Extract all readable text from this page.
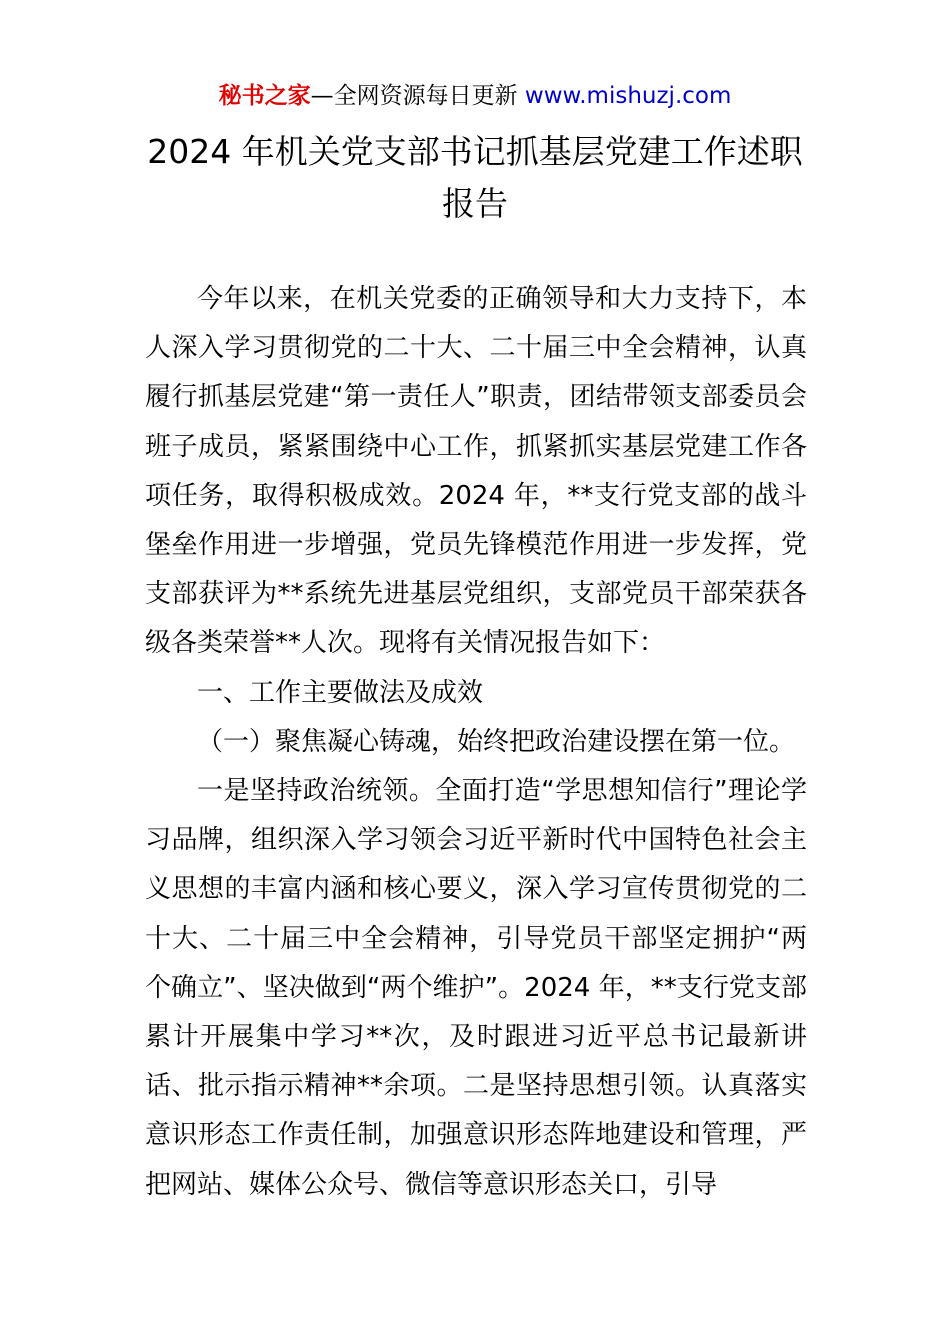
秘书之家—全网资源每日更新 www.mishuzj.com
2024 年机关党支部书记抓基层党建工作述职
报告

今年以来，在机关党委的正确领导和大力支持下，本人深入学习贯彻党的二十大、二十届三中全会精神，认真履行抓基层党建“第一责任人”职责，团结带领支部委员会班子成员，紧紧围绕中心工作，抓紧抓实基层党建工作各项任务，取得积极成效。2024 年，**支行党支部的战斗堡垒作用进一步增强，党员先锋模范作用进一步发挥，党支部获评为**系统先进基层党组织，支部党员干部荣获各级各类荣誉**人次。现将有关情况报告如下：

一、工作主要做法及成效

（一）聚焦凝心铸魂，始终把政治建设摆在第一位。

一是坚持政治统领。全面打造“学思想知信行”理论学习品牌，组织深入学习领会习近平新时代中国特色社会主义思想的丰富内涵和核心要义，深入学习宣传贯彻党的二十大、二十届三中全会精神，引导党员干部坚定拥护“两个确立”、坚决做到“两个维护”。2024 年，**支行党支部累计开展集中学习**次，及时跟进习近平总书记最新讲话、批示指示精神**余项。二是坚持思想引领。认真落实意识形态工作责任制，加强意识形态阵地建设和管理，严把网站、媒体公众号、微信等意识形态关口，引导
